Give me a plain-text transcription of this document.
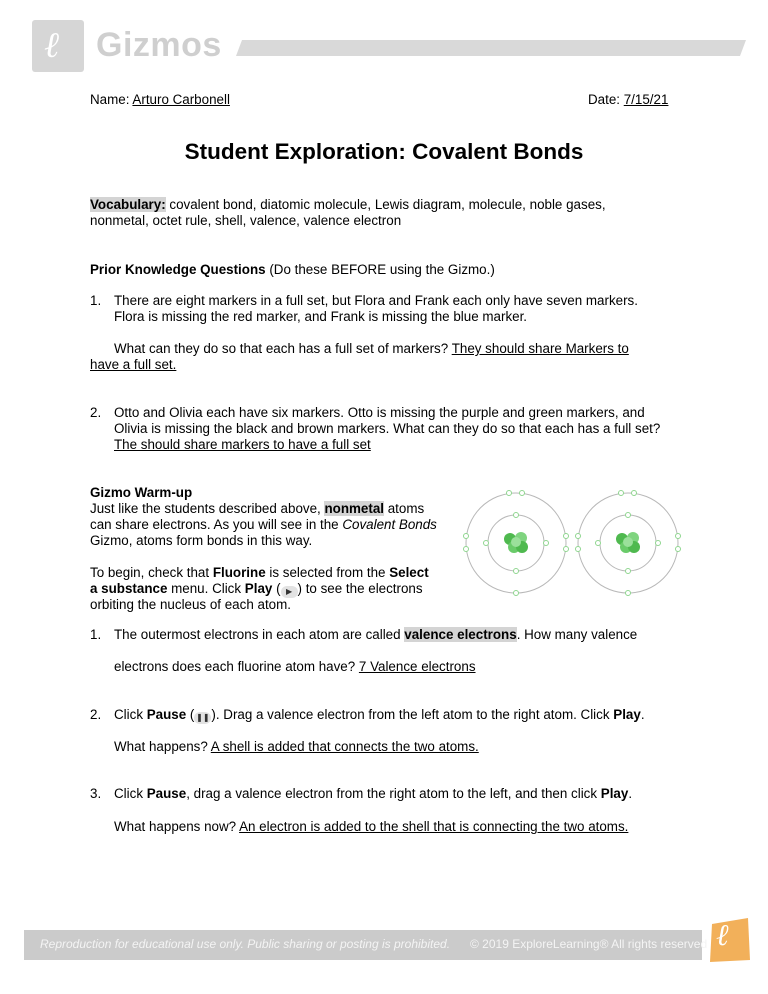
ℓ Gizmos
Name: Arturo Carbonell	Date: 7/15/21
Student Exploration: Covalent Bonds
Vocabulary: covalent bond, diatomic molecule, Lewis diagram, molecule, noble gases,
nonmetal, octet rule, shell, valence, valence electron
Prior Knowledge Questions (Do these BEFORE using the Gizmo.)
1. There are eight markers in a full set, but Flora and Frank each only have seven markers.
Flora is missing the red marker, and Frank is missing the blue marker.
What can they do so that each has a full set of markers? They should share Markers to
have a full set.
2. Otto and Olivia each have six markers. Otto is missing the purple and green markers, and
Olivia is missing the black and brown markers. What can they do so that each has a full set?
The should share markers to have a full set
Gizmo Warm-up
Just like the students described above, nonmetal atoms
can share electrons. As you will see in the Covalent Bonds
Gizmo, atoms form bonds in this way.
To begin, check that Fluorine is selected from the Select
a substance menu. Click Play ( ▶ ) to see the electrons
orbiting the nucleus of each atom.
1. The outermost electrons in each atom are called valence electrons. How many valence
electrons does each fluorine atom have? 7 Valence electrons
2. Click Pause ( ❚❚ ). Drag a valence electron from the left atom to the right atom. Click Play.
What happens? A shell is added that connects the two atoms.
3. Click Pause, drag a valence electron from the right atom to the left, and then click Play.
What happens now? An electron is added to the shell that is connecting the two atoms.
Reproduction for educational use only. Public sharing or posting is prohibited. © 2019 ExploreLearning® All rights reserved ℓ
